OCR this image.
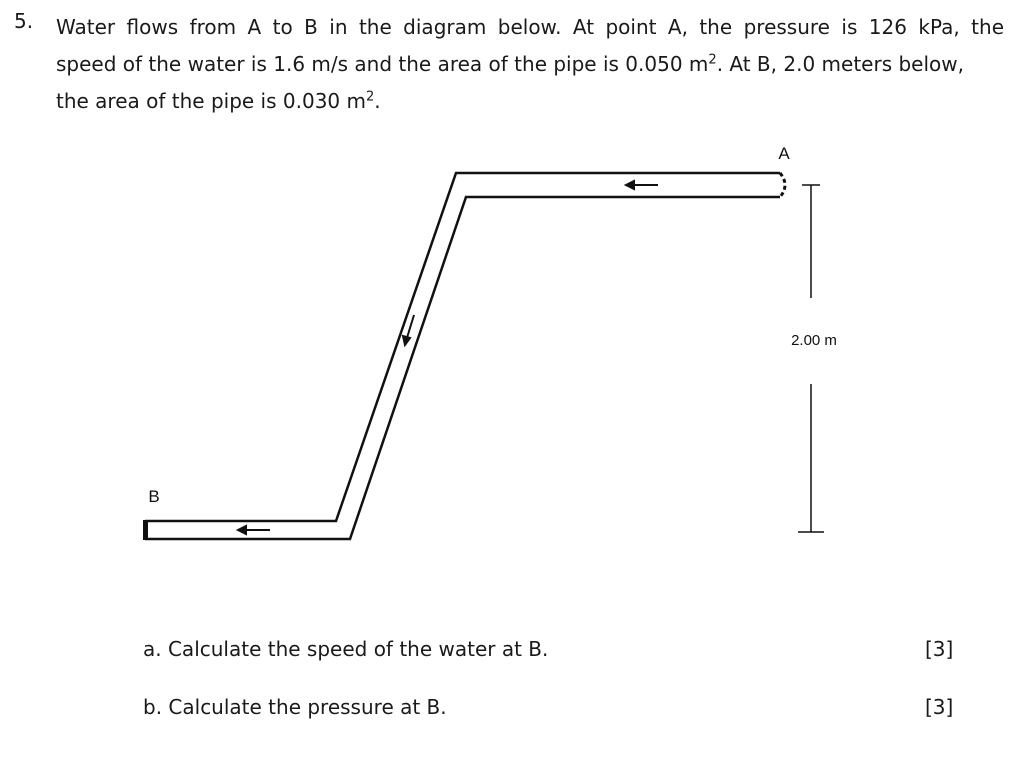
5. Water flows from A to B in the diagram below. At point A, the pressure is 126 kPa, the

speed of the water is 1.6 m/s and the area of the pipe is 0.050 $m^2$. At B, 2.0 meters below,

the area of the pipe is 0.030 $m^2$.

A
B
2.00 m
a. Calculate the speed of the water at B.	[3]
b. Calculate the pressure at B.	[3]
